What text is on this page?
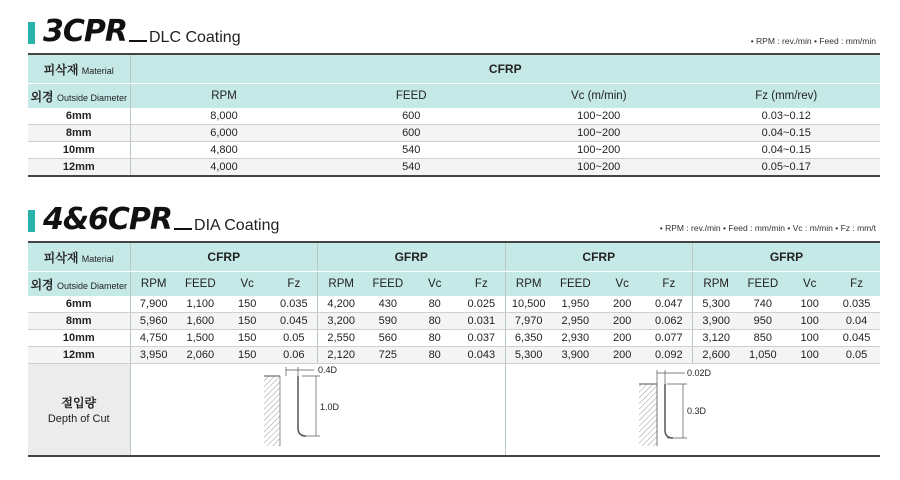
3CPR DLC Coating	• RPM : rev./min • Feed : mm/min
피삭재 Material	CFRP			
외경 Outside Diameter	RPM	FEED	Vc (m/min)	Fz (mm/rev)
6mm	8,000	600	100~200	0.03~0.12
8mm	6,000	600	100~200	0.04~0.15
10mm	4,800	540	100~200	0.04~0.15
12mm	4,000	540	100~200	0.05~0.17
4&6CPR DIA Coating	• RPM : rev./min • Feed : mm/min • Vc : m/min • Fz : mm/t
피삭재 Material	CFRP				GFRP				CFRP				GFRP			
외경 Outside Diameter	RPM	FEED	Vc	Fz	RPM	FEED	Vc	Fz	RPM	FEED	Vc	Fz	RPM	FEED	Vc	Fz
6mm	7,900	1,100	150	0.035	4,200	430	80	0.025	10,500	1,950	200	0.047	5,300	740	100	0.035
8mm	5,960	1,600	150	0.045	3,200	590	80	0.031	7,970	2,950	200	0.062	3,900	950	100	0.04
10mm	4,750	1,500	150	0.05	2,550	560	80	0.037	6,350	2,930	200	0.077	3,120	850	100	0.045
12mm	3,950	2,060	150	0.06	2,120	725	80	0.043	5,300	3,900	200	0.092	2,600	1,050	100	0.05

절입량
Depth of Cut	0.4D
1.0D								0.02D
0.3D							
